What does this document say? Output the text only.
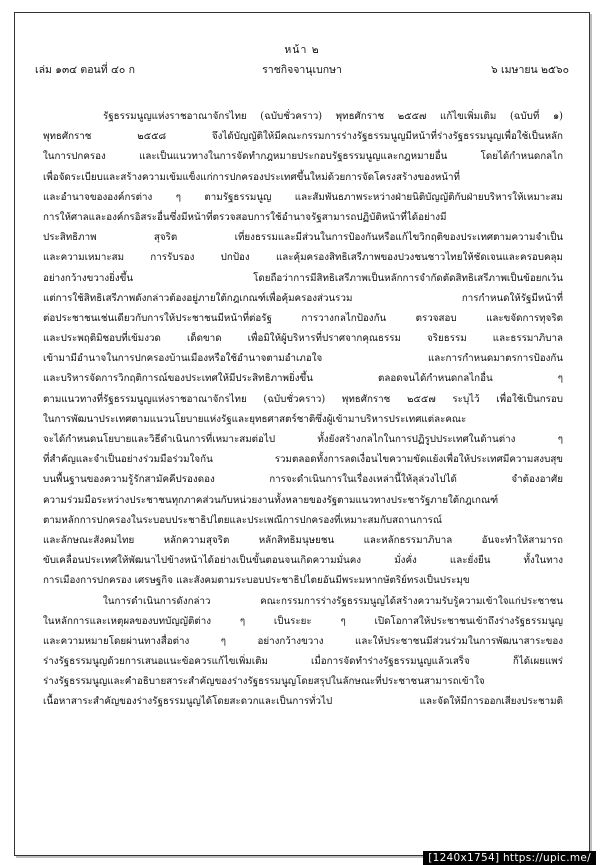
หน้า ๒
เล่ม ๑๓๔ ตอนที่ ๔๐ ก	ราชกิจจานุเบกษา	๖ เมษายน ๒๕๖๐
รัฐธรรมนูญแห่งราชอาณาจักรไทย (ฉบับชั่วคราว) พุทธศักราช ๒๕๕๗ แก้ไขเพิ่มเติม (ฉบับที่ ๑)
พุทธศักราช ๒๕๕๘ จึงได้บัญญัติให้มีคณะกรรมการร่างรัฐธรรมนูญมีหน้าที่ร่างรัฐธรรมนูญเพื่อใช้เป็นหลัก
ในการปกครอง และเป็นแนวทางในการจัดทำกฎหมายประกอบรัฐธรรมนูญและกฎหมายอื่น โดยได้กำหนดกลไก
เพื่อจัดระเบียบและสร้างความเข้มแข็งแก่การปกครองประเทศขึ้นใหม่ด้วยการจัดโครงสร้างของหน้าที่
และอำนาจขององค์กรต่าง ๆ ตามรัฐธรรมนูญ และสัมพันธภาพระหว่างฝ่ายนิติบัญญัติกับฝ่ายบริหารให้เหมาะสม
การให้ศาลและองค์กรอิสระอื่นซึ่งมีหน้าที่ตรวจสอบการใช้อำนาจรัฐสามารถปฏิบัติหน้าที่ได้อย่างมี
ประสิทธิภาพ สุจริต เที่ยงธรรมและมีส่วนในการป้องกันหรือแก้ไขวิกฤติของประเทศตามความจำเป็น
และความเหมาะสม การรับรอง ปกป้อง และคุ้มครองสิทธิเสรีภาพของปวงชนชาวไทยให้ชัดเจนและครอบคลุม
อย่างกว้างขวางยิ่งขึ้น โดยถือว่าการมีสิทธิเสรีภาพเป็นหลักการจำกัดตัดสิทธิเสรีภาพเป็นข้อยกเว้น
แต่การใช้สิทธิเสรีภาพดังกล่าวต้องอยู่ภายใต้กฎเกณฑ์เพื่อคุ้มครองส่วนรวม การกำหนดให้รัฐมีหน้าที่
ต่อประชาชนเช่นเดียวกับการให้ประชาชนมีหน้าที่ต่อรัฐ การวางกลไกป้องกัน ตรวจสอบ และขจัดการทุจริต
และประพฤติมิชอบที่เข้มงวด เด็ดขาด เพื่อมิให้ผู้บริหารที่ปราศจากคุณธรรม จริยธรรม และธรรมาภิบาล
เข้ามามีอำนาจในการปกครองบ้านเมืองหรือใช้อำนาจตามอำเภอใจ และการกำหนดมาตรการป้องกัน
และบริหารจัดการวิกฤติการณ์ของประเทศให้มีประสิทธิภาพยิ่งขึ้น ตลอดจนได้กำหนดกลไกอื่น ๆ
ตามแนวทางที่รัฐธรรมนูญแห่งราชอาณาจักรไทย (ฉบับชั่วคราว) พุทธศักราช ๒๕๕๗ ระบุไว้ เพื่อใช้เป็นกรอบ
ในการพัฒนาประเทศตามแนวนโยบายแห่งรัฐและยุทธศาสตร์ชาติซึ่งผู้เข้ามาบริหารประเทศแต่ละคณะ
จะได้กำหนดนโยบายและวิธีดำเนินการที่เหมาะสมต่อไป ทั้งยังสร้างกลไกในการปฏิรูปประเทศในด้านต่าง ๆ
ที่สำคัญและจำเป็นอย่างร่วมมือร่วมใจกัน รวมตลอดทั้งการลดเงื่อนไขความขัดแย้งเพื่อให้ประเทศมีความสงบสุข
บนพื้นฐานของความรู้รักสามัคคีปรองดอง การจะดำเนินการในเรื่องเหล่านี้ให้ลุล่วงไปได้ จำต้องอาศัย
ความร่วมมือระหว่างประชาชนทุกภาคส่วนกับหน่วยงานทั้งหลายของรัฐตามแนวทางประชารัฐภายใต้กฎเกณฑ์
ตามหลักการปกครองในระบอบประชาธิปไตยและประเพณีการปกครองที่เหมาะสมกับสถานการณ์
และลักษณะสังคมไทย หลักความสุจริต หลักสิทธิมนุษยชน และหลักธรรมาภิบาล อันจะทำให้สามารถ
ขับเคลื่อนประเทศให้พัฒนาไปข้างหน้าได้อย่างเป็นขั้นตอนจนเกิดความมั่นคง มั่งคั่ง และยั่งยืน ทั้งในทาง
การเมืองการปกครอง เศรษฐกิจ และสังคมตามระบอบประชาธิปไตยอันมีพระมหากษัตริย์ทรงเป็นประมุข
ในการดำเนินการดังกล่าว คณะกรรมการร่างรัฐธรรมนูญได้สร้างความรับรู้ความเข้าใจแก่ประชาชน
ในหลักการและเหตุผลของบทบัญญัติต่าง ๆ เป็นระยะ ๆ เปิดโอกาสให้ประชาชนเข้าถึงร่างรัฐธรรมนูญ
และความหมายโดยผ่านทางสื่อต่าง ๆ อย่างกว้างขวาง และให้ประชาชนมีส่วนร่วมในการพัฒนาสาระของ
ร่างรัฐธรรมนูญด้วยการเสนอแนะข้อควรแก้ไขเพิ่มเติม เมื่อการจัดทำร่างรัฐธรรมนูญแล้วเสร็จ ก็ได้เผยแพร่
ร่างรัฐธรรมนูญและคำอธิบายสาระสำคัญของร่างรัฐธรรมนูญโดยสรุปในลักษณะที่ประชาชนสามารถเข้าใจ
เนื้อหาสาระสำคัญของร่างรัฐธรรมนูญได้โดยสะดวกและเป็นการทั่วไป และจัดให้มีการออกเสียงประชามติ
[1240x1754] https://upic.me/
